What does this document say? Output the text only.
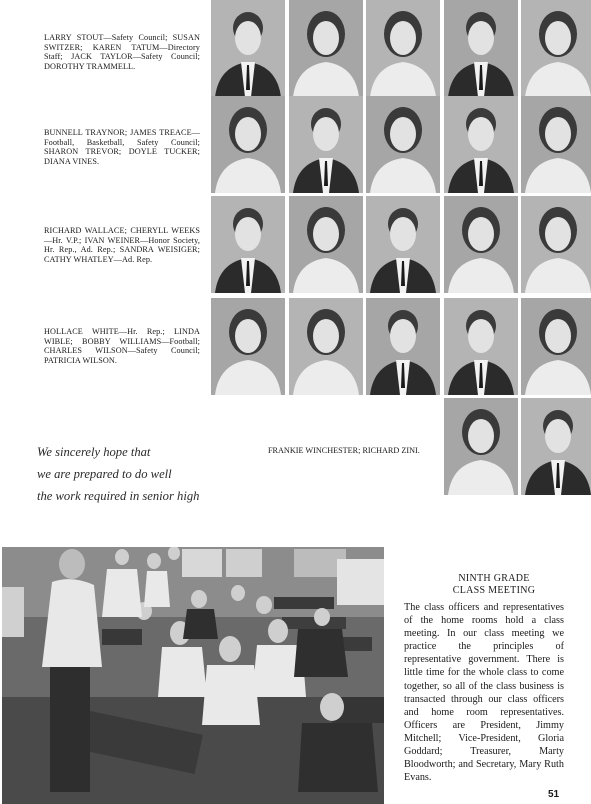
LARRY STOUT—Safety Council; SUSAN SWITZER; KAREN TATUM—Directory Staff; JACK TAYLOR—Safety Council; DOROTHY TRAMMELL.
BUNNELL TRAYNOR; JAMES TREACE—Football, Basketball, Safety Council; SHARON TREVOR; DOYLE TUCKER; DIANA VINES.
RICHARD WALLACE; CHERYLL WEEKS—Hr. V.P.; IVAN WEINER—Honor Society, Hr. Rep., Ad. Rep.; SANDRA WEISIGER; CATHY WHATLEY—Ad. Rep.
HOLLACE WHITE—Hr. Rep.; LINDA WIBLE; BOBBY WILLIAMS—Football; CHARLES WILSON—Safety Council; PATRICIA WILSON.
We sincerely hope that
we are prepared to do well
the work required in senior high
FRANKIE WINCHESTER; RICHARD ZINI.
NINTH GRADE
CLASS MEETING
The class officers and representatives of the home rooms hold a class meeting. In our class meeting we practice the principles of representative government. There is little time for the whole class to come together, so all of the class business is transacted through our class officers and home room representatives. Officers are President, Jimmy Mitchell; Vice-President, Gloria Goddard; Treasurer, Marty Bloodworth; and Secretary, Mary Ruth Evans.
51
